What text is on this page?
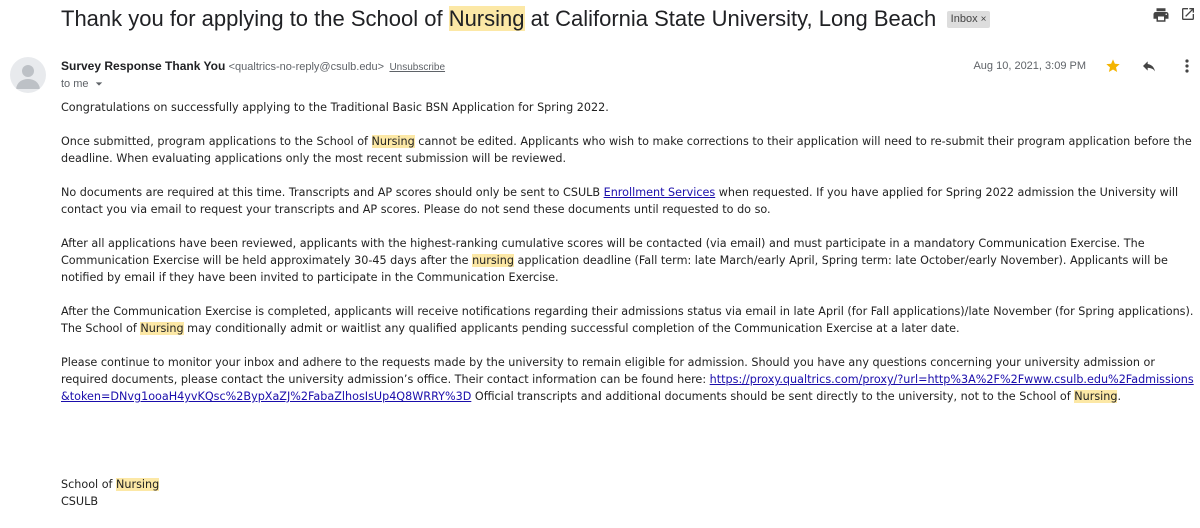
Thank you for applying to the School of Nursing at California State University, Long Beach Inbox ×
Survey Response Thank You <qualtrics-no-reply@csulb.edu> Unsubscribe
to me
Aug 10, 2021, 3:09 PM

Congratulations on successfully applying to the Traditional Basic BSN Application for Spring 2022.

Once submitted, program applications to the School of Nursing cannot be edited. Applicants who wish to make corrections to their application will need to re-submit their program application before the deadline. When evaluating applications only the most recent submission will be reviewed.

No documents are required at this time. Transcripts and AP scores should only be sent to CSULB Enrollment Services when requested. If you have applied for Spring 2022 admission the University will contact you via email to request your transcripts and AP scores. Please do not send these documents until requested to do so.

After all applications have been reviewed, applicants with the highest-ranking cumulative scores will be contacted (via email) and must participate in a mandatory Communication Exercise. The Communication Exercise will be held approximately 30-45 days after the nursing application deadline (Fall term: late March/early April, Spring term: late October/early November). Applicants will be notified by email if they have been invited to participate in the Communication Exercise.

After the Communication Exercise is completed, applicants will receive notifications regarding their admissions status via email in late April (for Fall applications)/late November (for Spring applications). The School of Nursing may conditionally admit or waitlist any qualified applicants pending successful completion of the Communication Exercise at a later date.

Please continue to monitor your inbox and adhere to the requests made by the university to remain eligible for admission. Should you have any questions concerning your university admission or required documents, please contact the university admission’s office. Their contact information can be found here: https://proxy.qualtrics.com/proxy/?url=http%3A%2F%2Fwww.csulb.edu%2Fadmissions&token=DNvg1ooaH4yvKQsc%2BypXaZJ%2FabaZlhosIsUp4Q8WRRY%3D Official transcripts and additional documents should be sent directly to the university, not to the School of Nursing.

School of Nursing
CSULB
